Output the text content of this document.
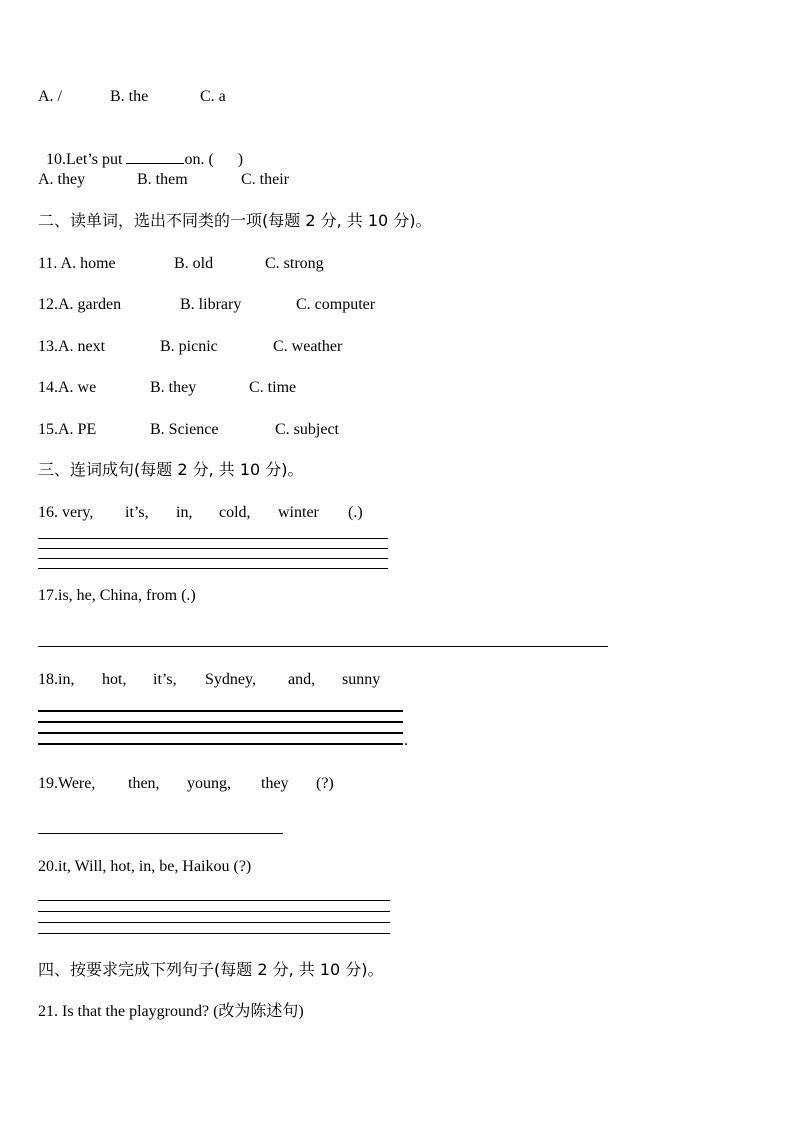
A. /

	B. the

	C. a

10.Let’s put	on. (      )

A. they

	B. them

	C. their

二、读单词，选出不同类的一项(每题 2 分, 共 10 分)。

11. A. home

	B. old

	C. strong

12.A. garden

	B. library

	C. computer

13.A. next

	B. picnic

	C. weather

14.A. we

	B. they

	C. time

15.A. PE

	B. Science

	C. subject

三、连词成句(每题 2 分, 共 10 分)。

16. very,

it’s,

in,

cold,

winter

(.)

17.is, he, China, from (.)

18.in,

hot,

it’s,

Sydney,

and,

sunny

.

19.Were,

then,

young,

they

(?)

20.it, Will, hot, in, be, Haikou (?)
四、按要求完成下列句子(每题 2 分, 共 10 分)。
21. Is that the playground? (改为陈述句)
